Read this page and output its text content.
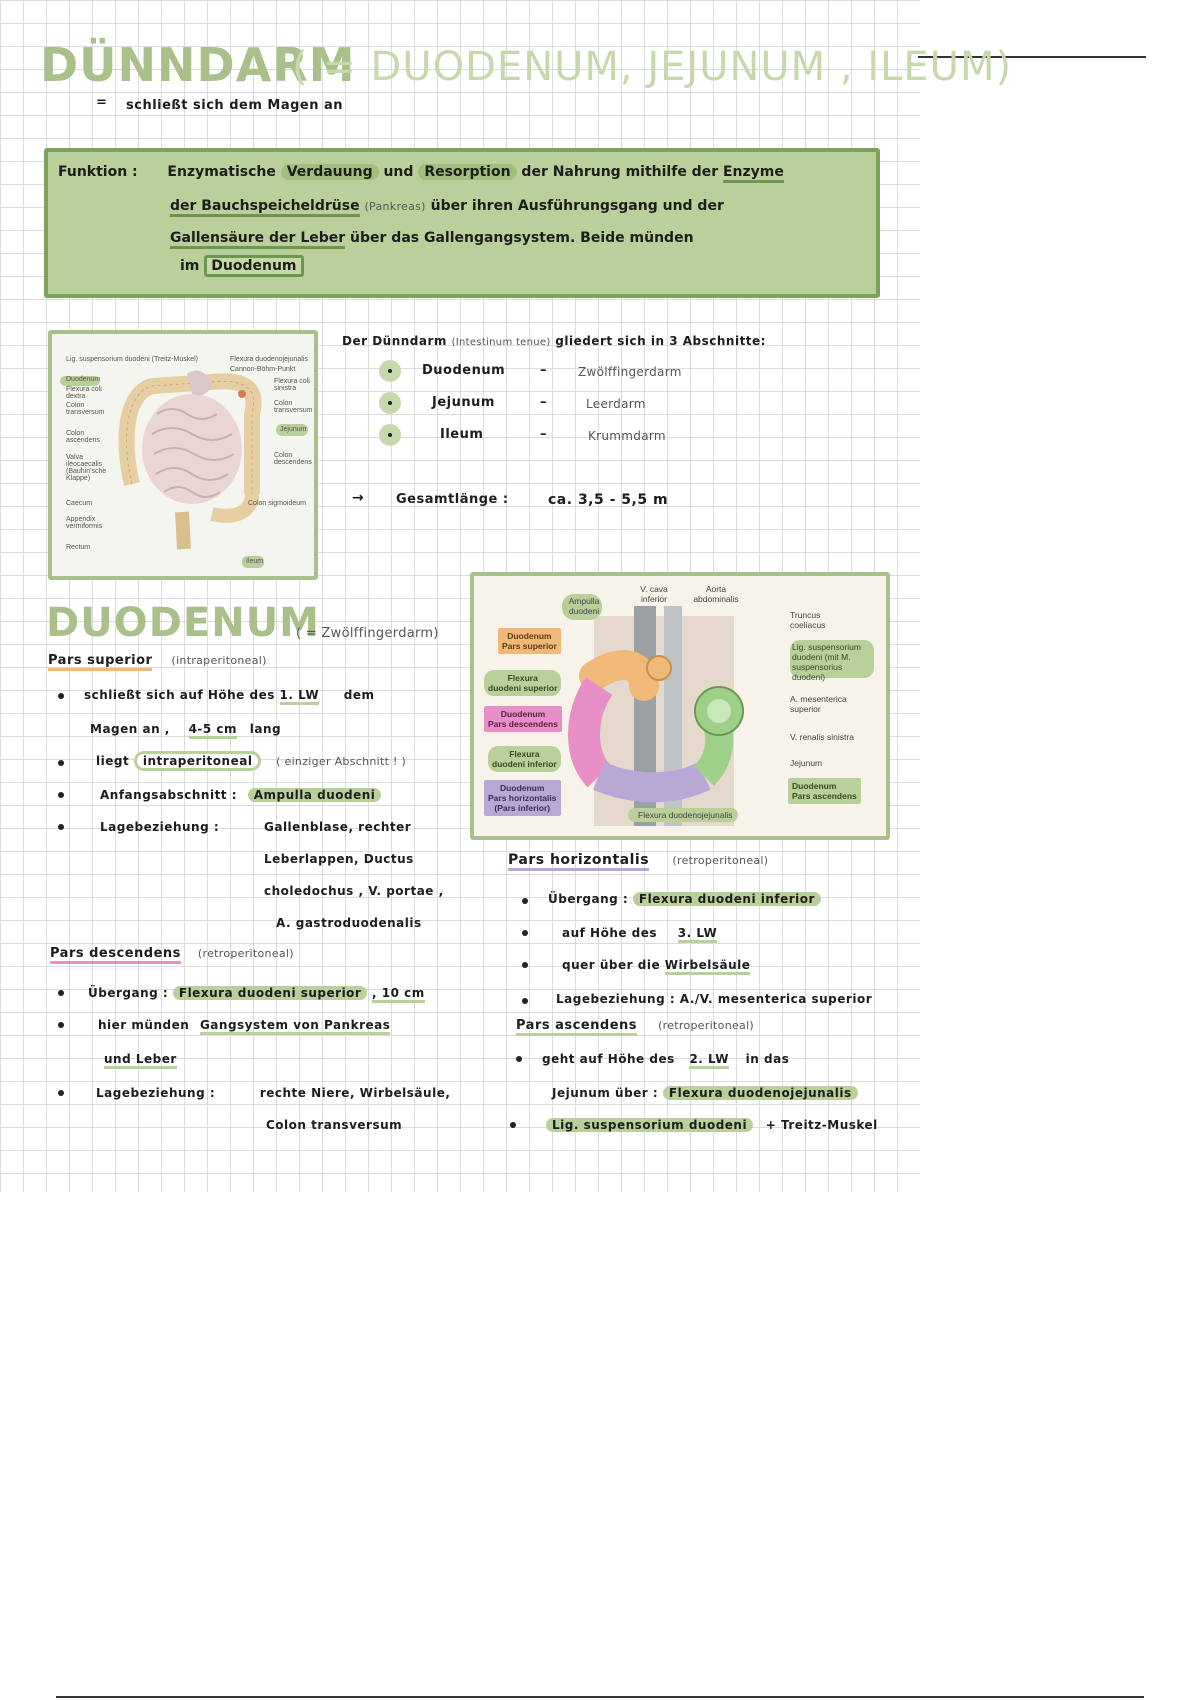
DÜNNDARM
( = DUODENUM, JEJUNUM , ILEUM)
= schließt sich dem Magen an
Funktion : Enzymatische Verdauung und Resorption der Nahrung mithilfe der Enzyme
der Bauchspeicheldrüse (Pankreas) über ihren Ausführungsgang und der
Gallensäure der Leber über das Gallengangsystem. Beide münden
im Duodenum
Lig. suspensorium duodeni (Treitz-Muskel)
Duodenum
Flexura coli dextra
Colon transversum
Colon ascendens
Valva ileocaecalis (Bauhin'sche Klappe)
Caecum
Appendix vermiformis
Rectum
Flexura duodenojejunalis
Cannon-Böhm-Punkt
Flexura coli sinistra
Colon transversum
Jejunum
Colon descendens
Colon sigmoideum
Ileum
Der Dünndarm (Intestinum tenue) gliedert sich in 3 Abschnitte:
Duodenum	–	Zwölffingerdarm
Jejunum	–	Leerdarm
Ileum	–	Krummdarm
→ Gesamtlänge :	ca. 3,5 - 5,5 m
Ampulla duodeni
V. cava inferior
Aorta abdominalis
Duodenum
Pars superior
Flexura
duodeni superior
Duodenum
Pars descendens
Flexura
duodeni inferior
Duodenum
Pars horizontalis
(Pars inferior)
Truncus coeliacus
Lig. suspensorium duodeni (mit M. suspensorius duodeni)
A. mesenterica superior
V. renalis sinistra
Jejunum
Duodenum
Pars ascendens
Flexura duodenojejunalis
DUODENUM
( = Zwölffingerdarm)
Pars superior (intraperitoneal)
schließt sich auf Höhe des 1. LW dem
Magen an , 4-5 cm lang
liegt intraperitoneal ( einziger Abschnitt ! )
Anfangsabschnitt : Ampulla duodeni
Lagebeziehung :	Gallenblase, rechter
Leberlappen, Ductus
choledochus , V. portae ,
A. gastroduodenalis
Pars descendens (retroperitoneal)
Übergang : Flexura duodeni superior , 10 cm
hier münden Gangsystem von Pankreas
und Leber
Lagebeziehung :	rechte Niere, Wirbelsäule,
Colon transversum
Pars horizontalis (retroperitoneal)
Übergang : Flexura duodeni inferior
auf Höhe des 3. LW
quer über die Wirbelsäule
Lagebeziehung : A./V. mesenterica superior
Pars ascendens (retroperitoneal)
geht auf Höhe des 2. LW in das
Jejunum über : Flexura duodenojejunalis
Lig. suspensorium duodeni + Treitz-Muskel
